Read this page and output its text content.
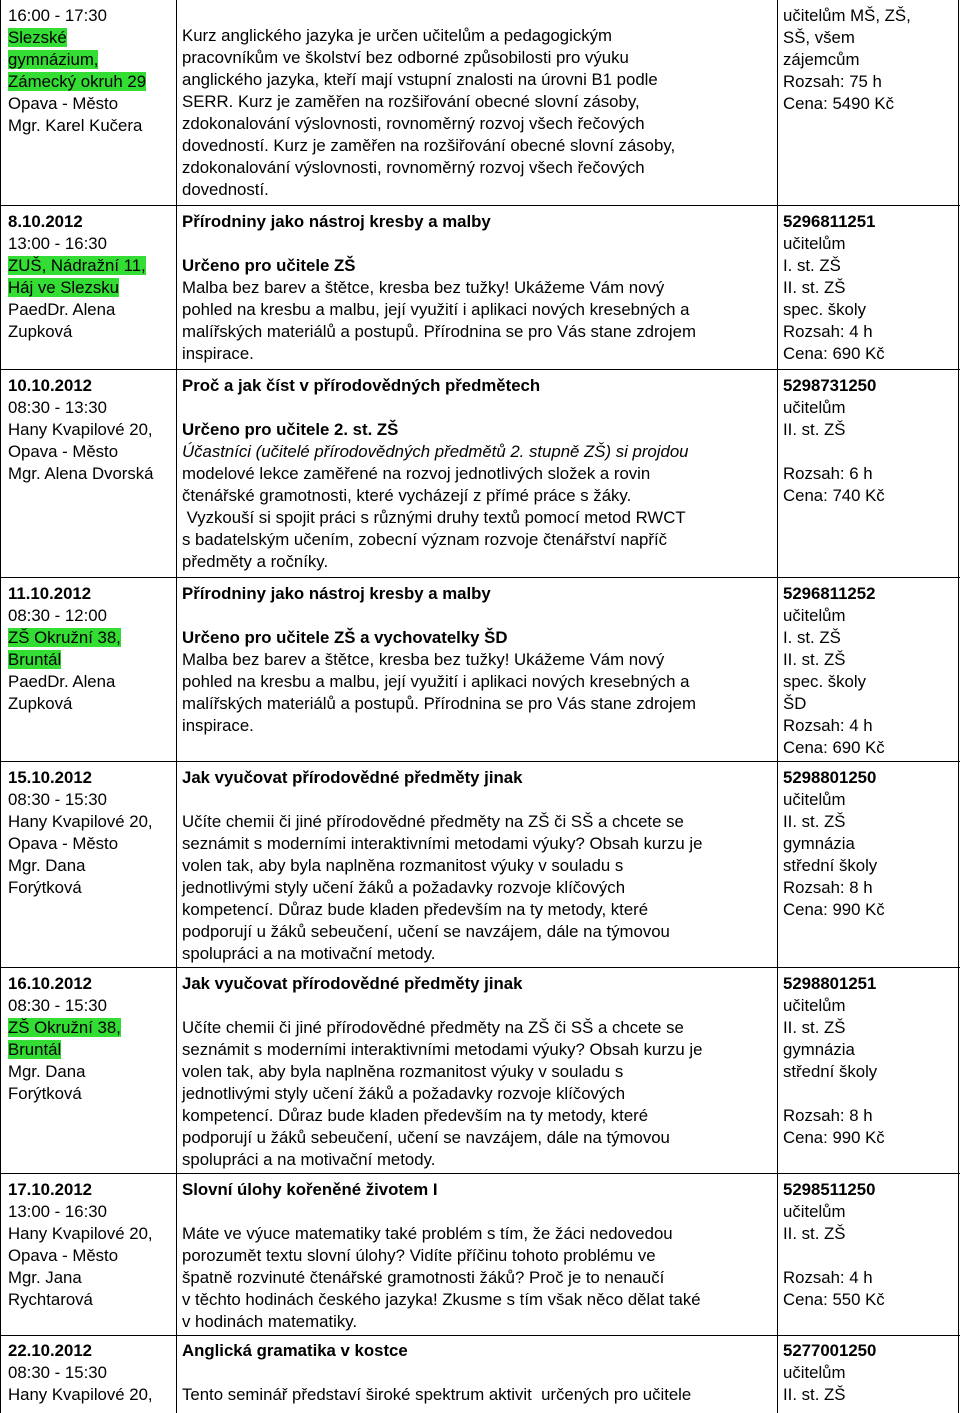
16:00 - 17:30
Slezské
gymnázium,
Zámecký okruh 29
Opava - Město
Mgr. Karel Kučera
Kurz anglického jazyka je určen učitelům a pedagogickým
pracovníkům ve školství bez odborné způsobilosti pro výuku
anglického jazyka, kteří mají vstupní znalosti na úrovni B1 podle
SERR. Kurz je zaměřen na rozšiřování obecné slovní zásoby,
zdokonalování výslovnosti, rovnoměrný rozvoj všech řečových
dovedností. Kurz je zaměřen na rozšiřování obecné slovní zásoby,
zdokonalování výslovnosti, rovnoměrný rozvoj všech řečových
dovedností.
učitelům MŠ, ZŠ,
SŠ, všem
zájemcům
Rozsah: 75 h
Cena: 5490 Kč
8.10.2012
13:00 - 16:30
ZUŠ, Nádražní 11,
Háj ve Slezsku
PaedDr. Alena
Zupková
Přírodniny jako nástroj kresby a malby
Určeno pro učitele ZŠ
Malba bez barev a štětce, kresba bez tužky! Ukážeme Vám nový
pohled na kresbu a malbu, její využití i aplikaci nových kresebných a
malířských materiálů a postupů. Přírodnina se pro Vás stane zdrojem
inspirace.
5296811251
učitelům
I. st. ZŠ
II. st. ZŠ
spec. školy
Rozsah: 4 h
Cena: 690 Kč
10.10.2012
08:30 - 13:30
Hany Kvapilové 20,
Opava - Město
Mgr. Alena Dvorská
Proč a jak číst v přírodovědných předmětech
Určeno pro učitele 2. st. ZŠ
Účastníci (učitelé přírodovědných předmětů 2. stupně ZŠ) si projdou
modelové lekce zaměřené na rozvoj jednotlivých složek a rovin
čtenářské gramotnosti, které vycházejí z přímé práce s žáky.
Vyzkouší si spojit práci s různými druhy textů pomocí metod RWCT
s badatelským učením, zobecní význam rozvoje čtenářství napříč
předměty a ročníky.
5298731250
učitelům
II. st. ZŠ
Rozsah: 6 h
Cena: 740 Kč
11.10.2012
08:30 - 12:00
ZŠ Okružní 38,
Bruntál
PaedDr. Alena
Zupková
Přírodniny jako nástroj kresby a malby
Určeno pro učitele ZŠ a vychovatelky ŠD
Malba bez barev a štětce, kresba bez tužky! Ukážeme Vám nový
pohled na kresbu a malbu, její využití i aplikaci nových kresebných a
malířských materiálů a postupů. Přírodnina se pro Vás stane zdrojem
inspirace.
5296811252
učitelům
I. st. ZŠ
II. st. ZŠ
spec. školy
ŠD
Rozsah: 4 h
Cena: 690 Kč
15.10.2012
08:30 - 15:30
Hany Kvapilové 20,
Opava - Město
Mgr. Dana
Forýtková
Jak vyučovat přírodovědné předměty jinak
Učíte chemii či jiné přírodovědné předměty na ZŠ či SŠ a chcete se
seznámit s moderními interaktivními metodami výuky? Obsah kurzu je
volen tak, aby byla naplněna rozmanitost výuky v souladu s
jednotlivými styly učení žáků a požadavky rozvoje klíčových
kompetencí. Důraz bude kladen především na ty metody, které
podporují u žáků sebeučení, učení se navzájem, dále na týmovou
spolupráci a na motivační metody.
5298801250
učitelům
II. st. ZŠ
gymnázia
střední školy
Rozsah: 8 h
Cena: 990 Kč
16.10.2012
08:30 - 15:30
ZŠ Okružní 38,
Bruntál
Mgr. Dana
Forýtková
Jak vyučovat přírodovědné předměty jinak
Učíte chemii či jiné přírodovědné předměty na ZŠ či SŠ a chcete se
seznámit s moderními interaktivními metodami výuky? Obsah kurzu je
volen tak, aby byla naplněna rozmanitost výuky v souladu s
jednotlivými styly učení žáků a požadavky rozvoje klíčových
kompetencí. Důraz bude kladen především na ty metody, které
podporují u žáků sebeučení, učení se navzájem, dále na týmovou
spolupráci a na motivační metody.
5298801251
učitelům
II. st. ZŠ
gymnázia
střední školy
Rozsah: 8 h
Cena: 990 Kč
17.10.2012
13:00 - 16:30
Hany Kvapilové 20,
Opava - Město
Mgr. Jana
Rychtarová
Slovní úlohy kořeněné životem I
Máte ve výuce matematiky také problém s tím, že žáci nedovedou
porozumět textu slovní úlohy? Vidíte příčinu tohoto problému ve
špatně rozvinuté čtenářské gramotnosti žáků? Proč je to nenaučí
v těchto hodinách českého jazyka! Zkusme s tím však něco dělat také
v hodinách matematiky.
5298511250
učitelům
II. st. ZŠ
Rozsah: 4 h
Cena: 550 Kč
22.10.2012
08:30 - 15:30
Hany Kvapilové 20,
Anglická gramatika v kostce
Tento seminář představí široké spektrum aktivit  určených pro učitele
5277001250
učitelům
II. st. ZŠ
